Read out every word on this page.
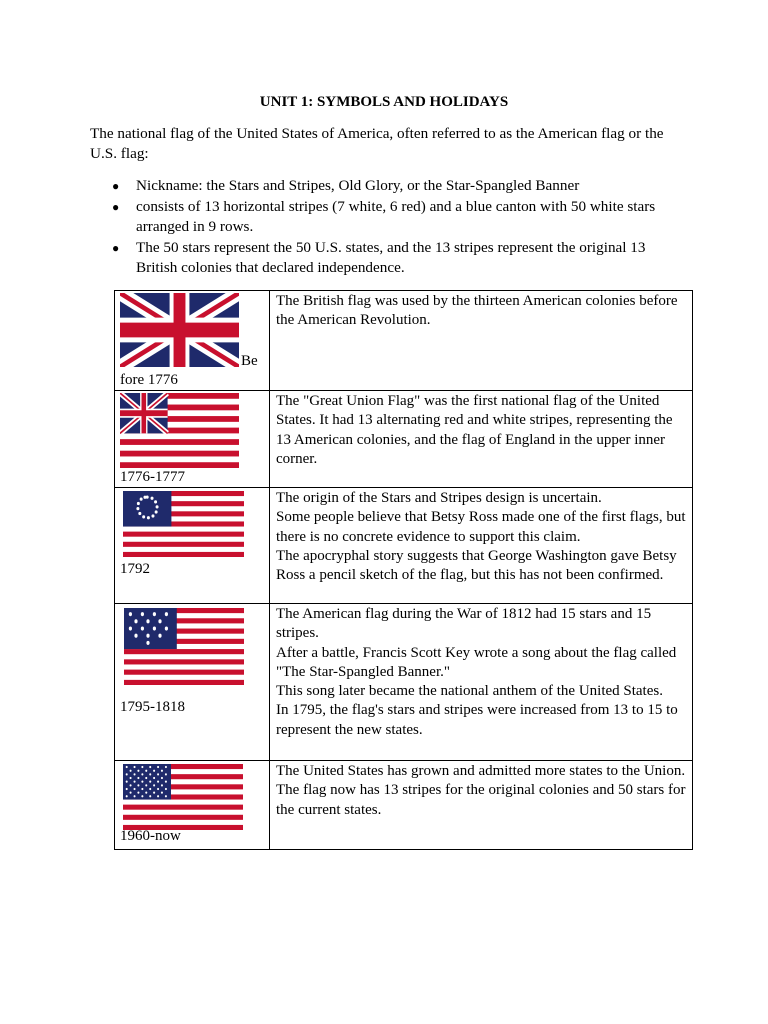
UNIT 1: SYMBOLS AND HOLIDAYS
The national flag of the United States of America, often referred to as the American flag or the U.S. flag:
● Nickname: the Stars and Stripes, Old Glory, or the Star-Spangled Banner
● consists of 13 horizontal stripes (7 white, 6 red) and a blue canton with 50 white stars arranged in 9 rows.
● The 50 stars represent the 50 U.S. states, and the 13 stripes represent the original 13 British colonies that declared independence.
Be
fore 1776	The British flag was used by the thirteen American colonies before the American Revolution.

1776-1777	The "Great Union Flag" was the first national flag of the United States. It had 13 alternating red and white stripes, representing the 13 American colonies, and the flag of England in the upper inner corner.

1792	The origin of the Stars and Stripes design is uncertain.
Some people believe that Betsy Ross made one of the first flags, but there is no concrete evidence to support this claim.
The apocryphal story suggests that George Washington gave Betsy Ross a pencil sketch of the flag, but this has not been confirmed.

1795-1818	The American flag during the War of 1812 had 15 stars and 15 stripes.
After a battle, Francis Scott Key wrote a song about the flag called "The Star-Spangled Banner."
This song later became the national anthem of the United States.
In 1795, the flag's stars and stripes were increased from 13 to 15 to represent the new states.

1960-now	The United States has grown and admitted more states to the Union.
The flag now has 13 stripes for the original colonies and 50 stars for the current states.
